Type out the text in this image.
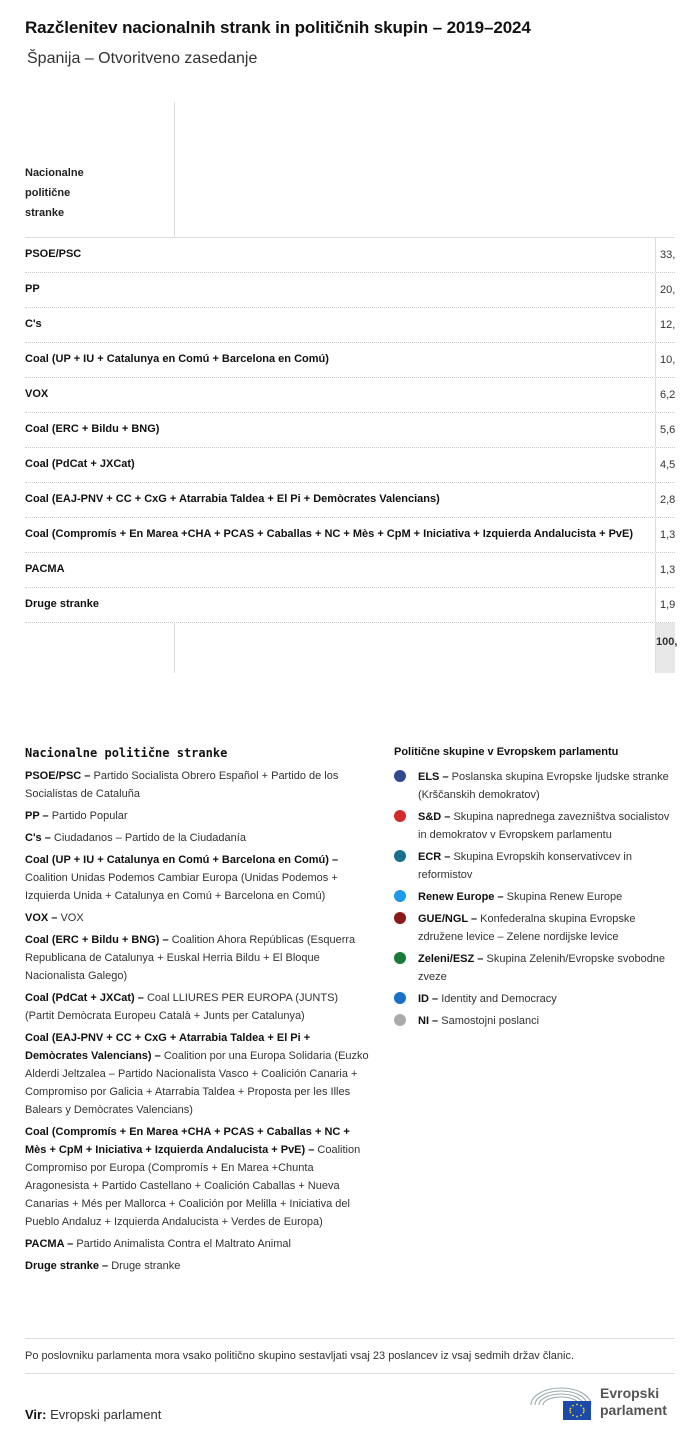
Razčlenitev nacionalnih strank in političnih skupin – 2019–2024
Španija – Otvoritveno zasedanje
Nacionalne politične stranke
PSOE/PSC	33,
PP	20,
C's	12,
Coal (UP + IU + Catalunya en Comú + Barcelona en Comú)	10,
VOX	6,2
Coal (ERC + Bildu + BNG)	5,6
Coal (PdCat + JXCat)	4,5
Coal (EAJ-PNV + CC + CxG + Atarrabia Taldea + El Pi + Demòcrates Valencians)	2,8
Coal (Compromís + En Marea +CHA + PCAS + Caballas + NC + Mès + CpM + Iniciativa + Izquierda Andalucista + PvE)	1,3
PACMA	1,3
Druge stranke	1,9
100,
Nacionalne politične stranke
PSOE/PSC – Partido Socialista Obrero Español + Partido de los Socialistas de Cataluña
PP – Partido Popular
C's – Ciudadanos – Partido de la Ciudadanía
Coal (UP + IU + Catalunya en Comú + Barcelona en Comú) – Coalition Unidas Podemos Cambiar Europa (Unidas Podemos + Izquierda Unida + Catalunya en Comú + Barcelona en Comú)
VOX – VOX
Coal (ERC + Bildu + BNG) – Coalition Ahora Repúblicas (Esquerra Republicana de Catalunya + Euskal Herria Bildu + El Bloque Nacionalista Galego)
Coal (PdCat + JXCat) – Coal LLIURES PER EUROPA (JUNTS) (Partit Demòcrata Europeu Català + Junts per Catalunya)
Coal (EAJ-PNV + CC + CxG + Atarrabia Taldea + El Pi + Demòcrates Valencians) – Coalition por una Europa Solidaria (Euzko Alderdi Jeltzalea – Partido Nacionalista Vasco + Coalición Canaria + Compromiso por Galicia + Atarrabia Taldea + Proposta per les Illes Balears y Demòcrates Valencians)
Coal (Compromís + En Marea +CHA + PCAS + Caballas + NC + Mès + CpM + Iniciativa + Izquierda Andalucista + PvE) – Coalition Compromiso por Europa (Compromís + En Marea +Chunta Aragonesista + Partido Castellano + Coalición Caballas + Nueva Canarias + Més per Mallorca + Coalición por Melilla + Iniciativa del Pueblo Andaluz + Izquierda Andalucista + Verdes de Europa)
PACMA – Partido Animalista Contra el Maltrato Animal
Druge stranke – Druge stranke
Politične skupine v Evropskem parlamentu
ELS – Poslanska skupina Evropske ljudske stranke (Krščanskih demokratov)
S&D – Skupina naprednega zavezništva socialistov in demokratov v Evropskem parlamentu
ECR – Skupina Evropskih konservativcev in reformistov
Renew Europe – Skupina Renew Europe
GUE/NGL – Konfederalna skupina Evropske združene levice – Zelene nordijske levice
Zeleni/ESZ – Skupina Zelenih/Evropske svobodne zveze
ID – Identity and Democracy
NI – Samostojni poslanci
Po poslovniku parlamenta mora vsako politično skupino sestavljati vsaj 23 poslancev iz vsaj sedmih držav članic.
Vir: Evropski parlament
Evropski
parlament
